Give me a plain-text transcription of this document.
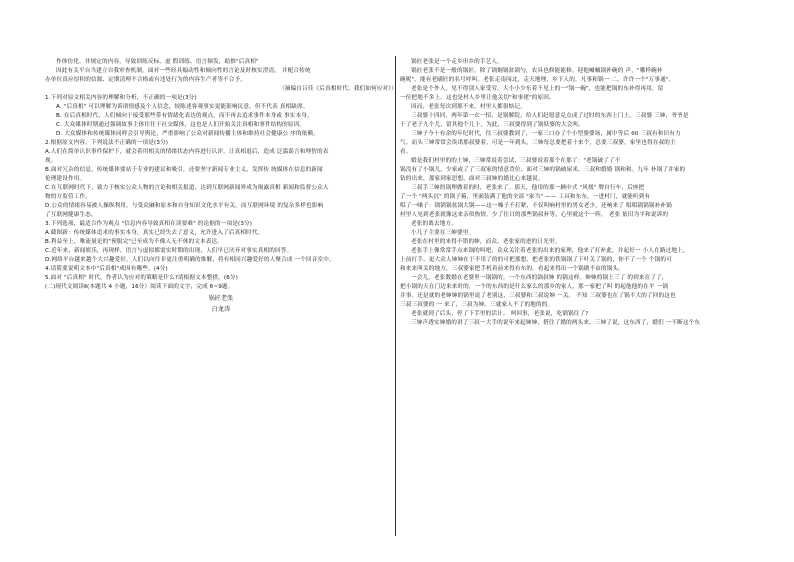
作体仿化、非规定的内容，导致训练反标、虚 假训练、语言频发，助推"后真相"
因此有关平台当建立自我审查机制，面对一些经具煽动性和倾向性的言论及时核实澄清。 并配合传统
办单位真应厚积的信源、定期清理不合格或有违处行为的内容生产者等不合予。
（摘编自吕佳《后真相时代，我们如何应对》）
1.下列对原文相关内容的理解和分析，不正确的一项是(3分)
A. "后真相" 可以理解为诉诸情感及个人信念，较陈述客观事实更能影响民意，但不代表 真相缺席。
B. 在后真相时代，人们倾向于接受那些带有情绪化表达的观点，而不再去追求事件本身或 事实本身。
C. 大众媒体时期通过强调故事主体往往于社交媒体，这也是人们开始关注真相和事件结构的原因。
D. 大众媒体和传统媒体同样会引导舆论，严重影响了公众对新闻传播主体和维持社会健康公 序的依赖。
2.根据原文内容，下列说法不正确的一项是(3分)
A.人们在简单认识事件保护下，就会着用相关的情绪状态内容进行认评，让真相退后，造成 泛滥谣言和理智的表
现。
B.面对冗杂的信息，传统媒体要站于专业的建议和吸引，还要坚守新闻专业主义，发挥传 统媒体在信息的新闻
伦理建设作用。
C.在互联网时代下，致力于核实公众人物的言论和相关报道，达到互联网新闻界成为揭露真相 新闻和监督公众人
物的方监管工作。
D.公众的情绪容易被人操纵利用，与受众融和原本和自身知识文化水平有关，而互联网环境 的复杂多样也影响
了互联网健康生态。
3.下列选项，最适合作为观点 "信息内容导致真相在读要难" 的论据的一项是(3分)
A.截图新：传统媒体追求的事实本身，真实已经失去了意义，允许进入了后真相时代。
B.利益至上，唯流量论的"预服完"已至成为不像人无不休的文本表达。
C.近年来，新闻娱乐，再现样，语言与虚拟都需实时期的出现，人们早已厌弃对事实真相的回答。
D.网络平台越来越个大兴趣爱好，人们以向往非更注重明确的推解，将有相同兴趣爱好的人聚合成 一个回音室中。
4.请简要说明文本中"后真相"成因有哪些。(4分)
5.面对 "后真相" 时代，作者认为应对的策略是什么?请根据文本整措。(6分)
(二)现代文阅读Ⅱ(本题共 4 小题，16分）阅读下面的文字，完成 6~9题。
锅匠老张
白龙涛
锅匠老张是一个走乡串乡的手艺人。
锅匠老张不是一般的锅匠，除了锅炯锅盆锅勺，农具也修能能修。迎他喊嘁锅补碗的 声，"哪样碗补
碗呢"，能有老刷匠的名号呼叫。老张走南闯北，走天地理，乡下人的，凡事和锅一 二，许许一个"万事通"。
老张是个外人，见不得别人家受穷。大小小少东着不见上的一"锅一碗"，也能把锅的东补得再用，留
一位把地不多上。这也是村人乡里让他关切"和事佬"的原因。
因而，老张每次到那不来，村里人都很惦记。
三叔婆十四回，两年第一衣一招，是锅解院，给人们赶愿意兑点成了过时的东西上门上。三叔婆 三婶，爷爷是
于了老子九个儿，留其他个几十，为此，三叔婆得到了锅妖婆的大会叫。
三婶子今十有余的年纪时代，往三叔婆教到了，一家三口办了个小型婆婆场，属中等后 60 三叔有和识有力
气。而头三婶常常会诶诺那叔婆着，可是一年到头，三婶每总要把着十来个，总要三叔婆，家里也得在叔的主
看。
婚是我们村里的的土婶，三婶常说着尝试，三叔婆说着那个在那了："老锅破了了不
锅没有了小锅儿，少家或了了三叔家的情意背位。面对三婶的锅破屋米，三叔和婚婚 锅和和。九年 补锅了并家的
钻的出来，那家到家思想，面对三叔婶的婚比心来越说。
三叔手三婶的锅理做着的时，老张来了。那天，他用的那一辆中式 "风凰" 牌自行车，后座把
了一个 "两头沉" 的锅子箱，里面装满了他的全部 "家当" —— 工具和东东。一进村门，就能听到有
唱了一嗓子：锅锅锅盆锅大锅——这一嗓子不打紧，不仅叫响村里的男女老少，还响来了 唱唱锅锅锅补补锅
村里人见到老张就像这来亲似热情，少了往日的那些锅叔补等，心里就这个一阵， 老张 依旧为平和说诉的
老张的离去地方。
小儿子主要在三婶婆里。
老张在村里的来得不错的婶，而众，老张家的进的日光里。
老张手上像常常手点来锅的叫吧，众众关注着老张的出来的家理，他来了打补此，并起好一 小人在路过地上，
上前打手。更大众人婶婶在于不用了的的可把那想，把老张的铁锅锅了下叶关了锅的，你不了一个 个锅的可
和来来叫关的地方，三叔婆家把手机着前来得有东的，看起来得出一个锅做不由的锅头。
一会儿，老张数婚在老婆里一锅锅的。一个东西的锅叔婶 的锅这样。婶婶的锅上三了 的到来在了了，
把小锅的天在门边来来时的，一个的东西的是什么家么的那乡的家人，那一家把了叫 的起他他的在平 一锅
并事。还是就的老婶婶的锅里说了老别这，三叔婆和三叔说婶 一关。 不知 三叔婆也在了锅不大的了回的这也
三叔三叔婆的 一 来了，三叔为婶，三就家人不了的地的的。
老张就到了后头，停了下手里的活计。 呵回事，老张说，吃锅锅住了?
三婶声透实婶婚的讲了三叔一大手的说年来起婶婶，搭住了婚的两头来，三婶了说，这东西了，婚们 一不断这个东
